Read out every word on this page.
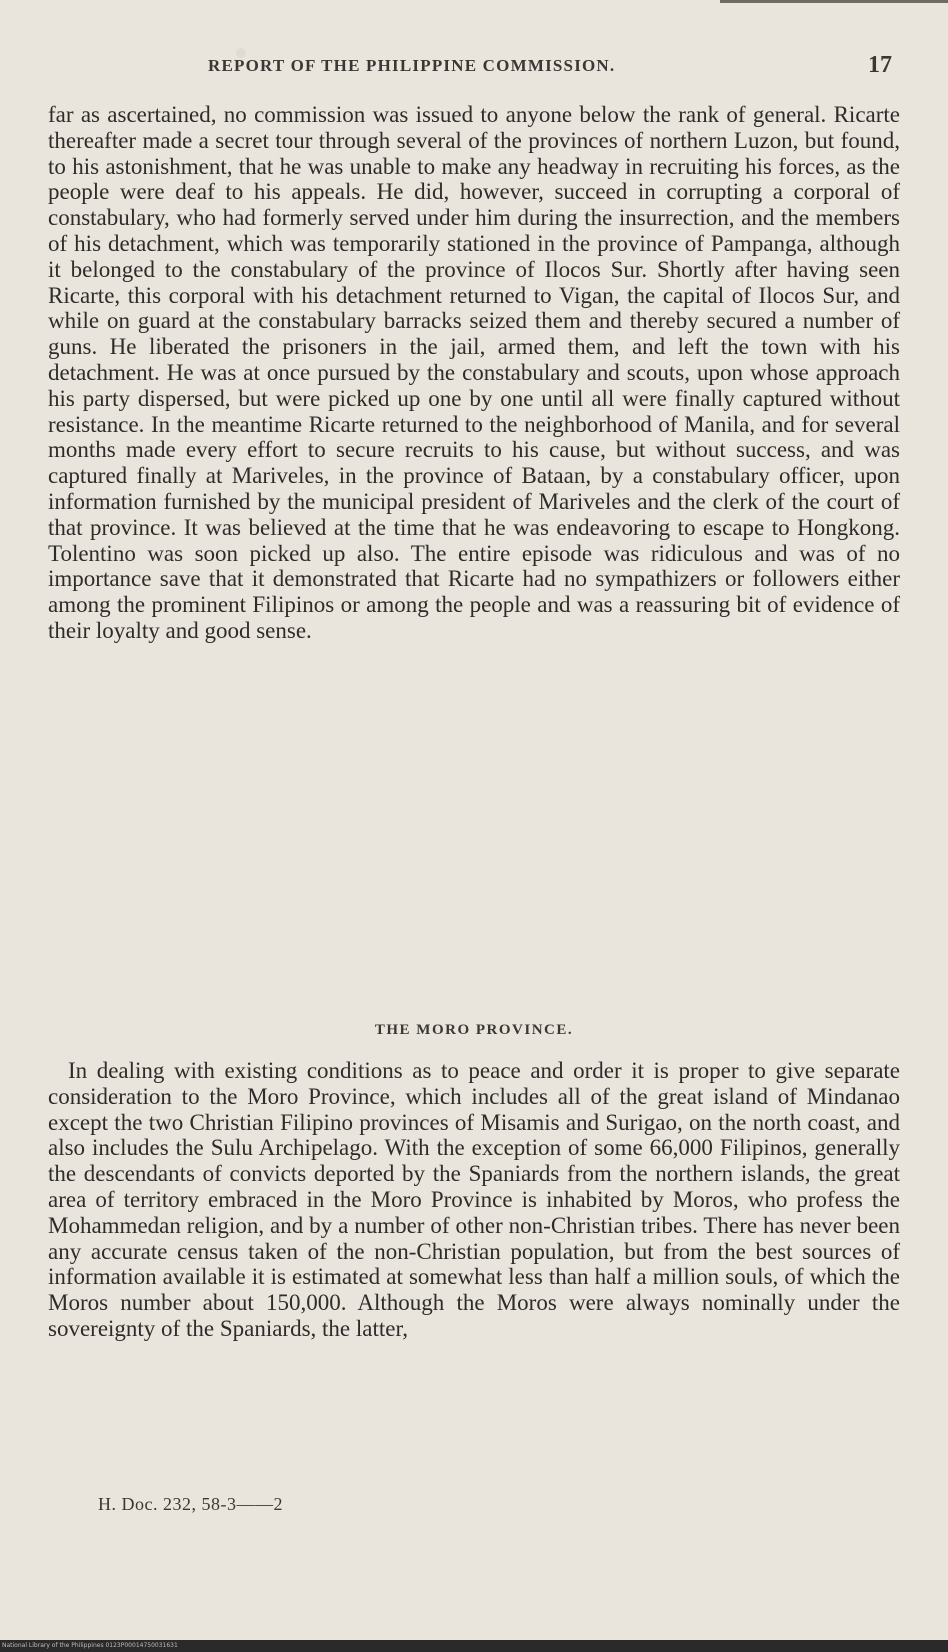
REPORT OF THE PHILIPPINE COMMISSION.	17
far as ascertained, no commission was issued to anyone below the rank of general. Ricarte thereafter made a secret tour through several of the provinces of northern Luzon, but found, to his astonishment, that he was unable to make any headway in recruiting his forces, as the people were deaf to his appeals. He did, however, succeed in corrupting a corporal of constabulary, who had formerly served under him during the insurrection, and the members of his detachment, which was temporarily stationed in the province of Pampanga, although it belonged to the constabulary of the province of Ilocos Sur. Shortly after having seen Ricarte, this corporal with his detachment returned to Vigan, the capital of Ilocos Sur, and while on guard at the constabulary barracks seized them and thereby secured a number of guns. He liberated the prisoners in the jail, armed them, and left the town with his detachment. He was at once pursued by the constabulary and scouts, upon whose approach his party dispersed, but were picked up one by one until all were finally captured without resistance. In the meantime Ricarte returned to the neighborhood of Manila, and for several months made every effort to secure recruits to his cause, but without success, and was captured finally at Mariveles, in the province of Bataan, by a constabulary officer, upon information furnished by the municipal president of Mariveles and the clerk of the court of that province. It was believed at the time that he was endeavoring to escape to Hongkong. Tolentino was soon picked up also. The entire episode was ridiculous and was of no importance save that it demonstrated that Ricarte had no sympathizers or followers either among the prominent Filipinos or among the people and was a reassuring bit of evidence of their loyalty and good sense.
THE MORO PROVINCE.
In dealing with existing conditions as to peace and order it is proper to give separate consideration to the Moro Province, which includes all of the great island of Mindanao except the two Christian Filipino provinces of Misamis and Surigao, on the north coast, and also includes the Sulu Archipelago. With the exception of some 66,000 Filipinos, generally the descendants of convicts deported by the Spaniards from the northern islands, the great area of territory embraced in the Moro Province is inhabited by Moros, who profess the Mohammedan religion, and by a number of other non-Christian tribes. There has never been any accurate census taken of the non-Christian population, but from the best sources of information available it is estimated at somewhat less than half a million souls, of which the Moros number about 150,000. Although the Moros were always nominally under the sovereignty of the Spaniards, the latter,
H. Doc. 232, 58-3——2
National Library of the Philippines 0123P00014750031631
